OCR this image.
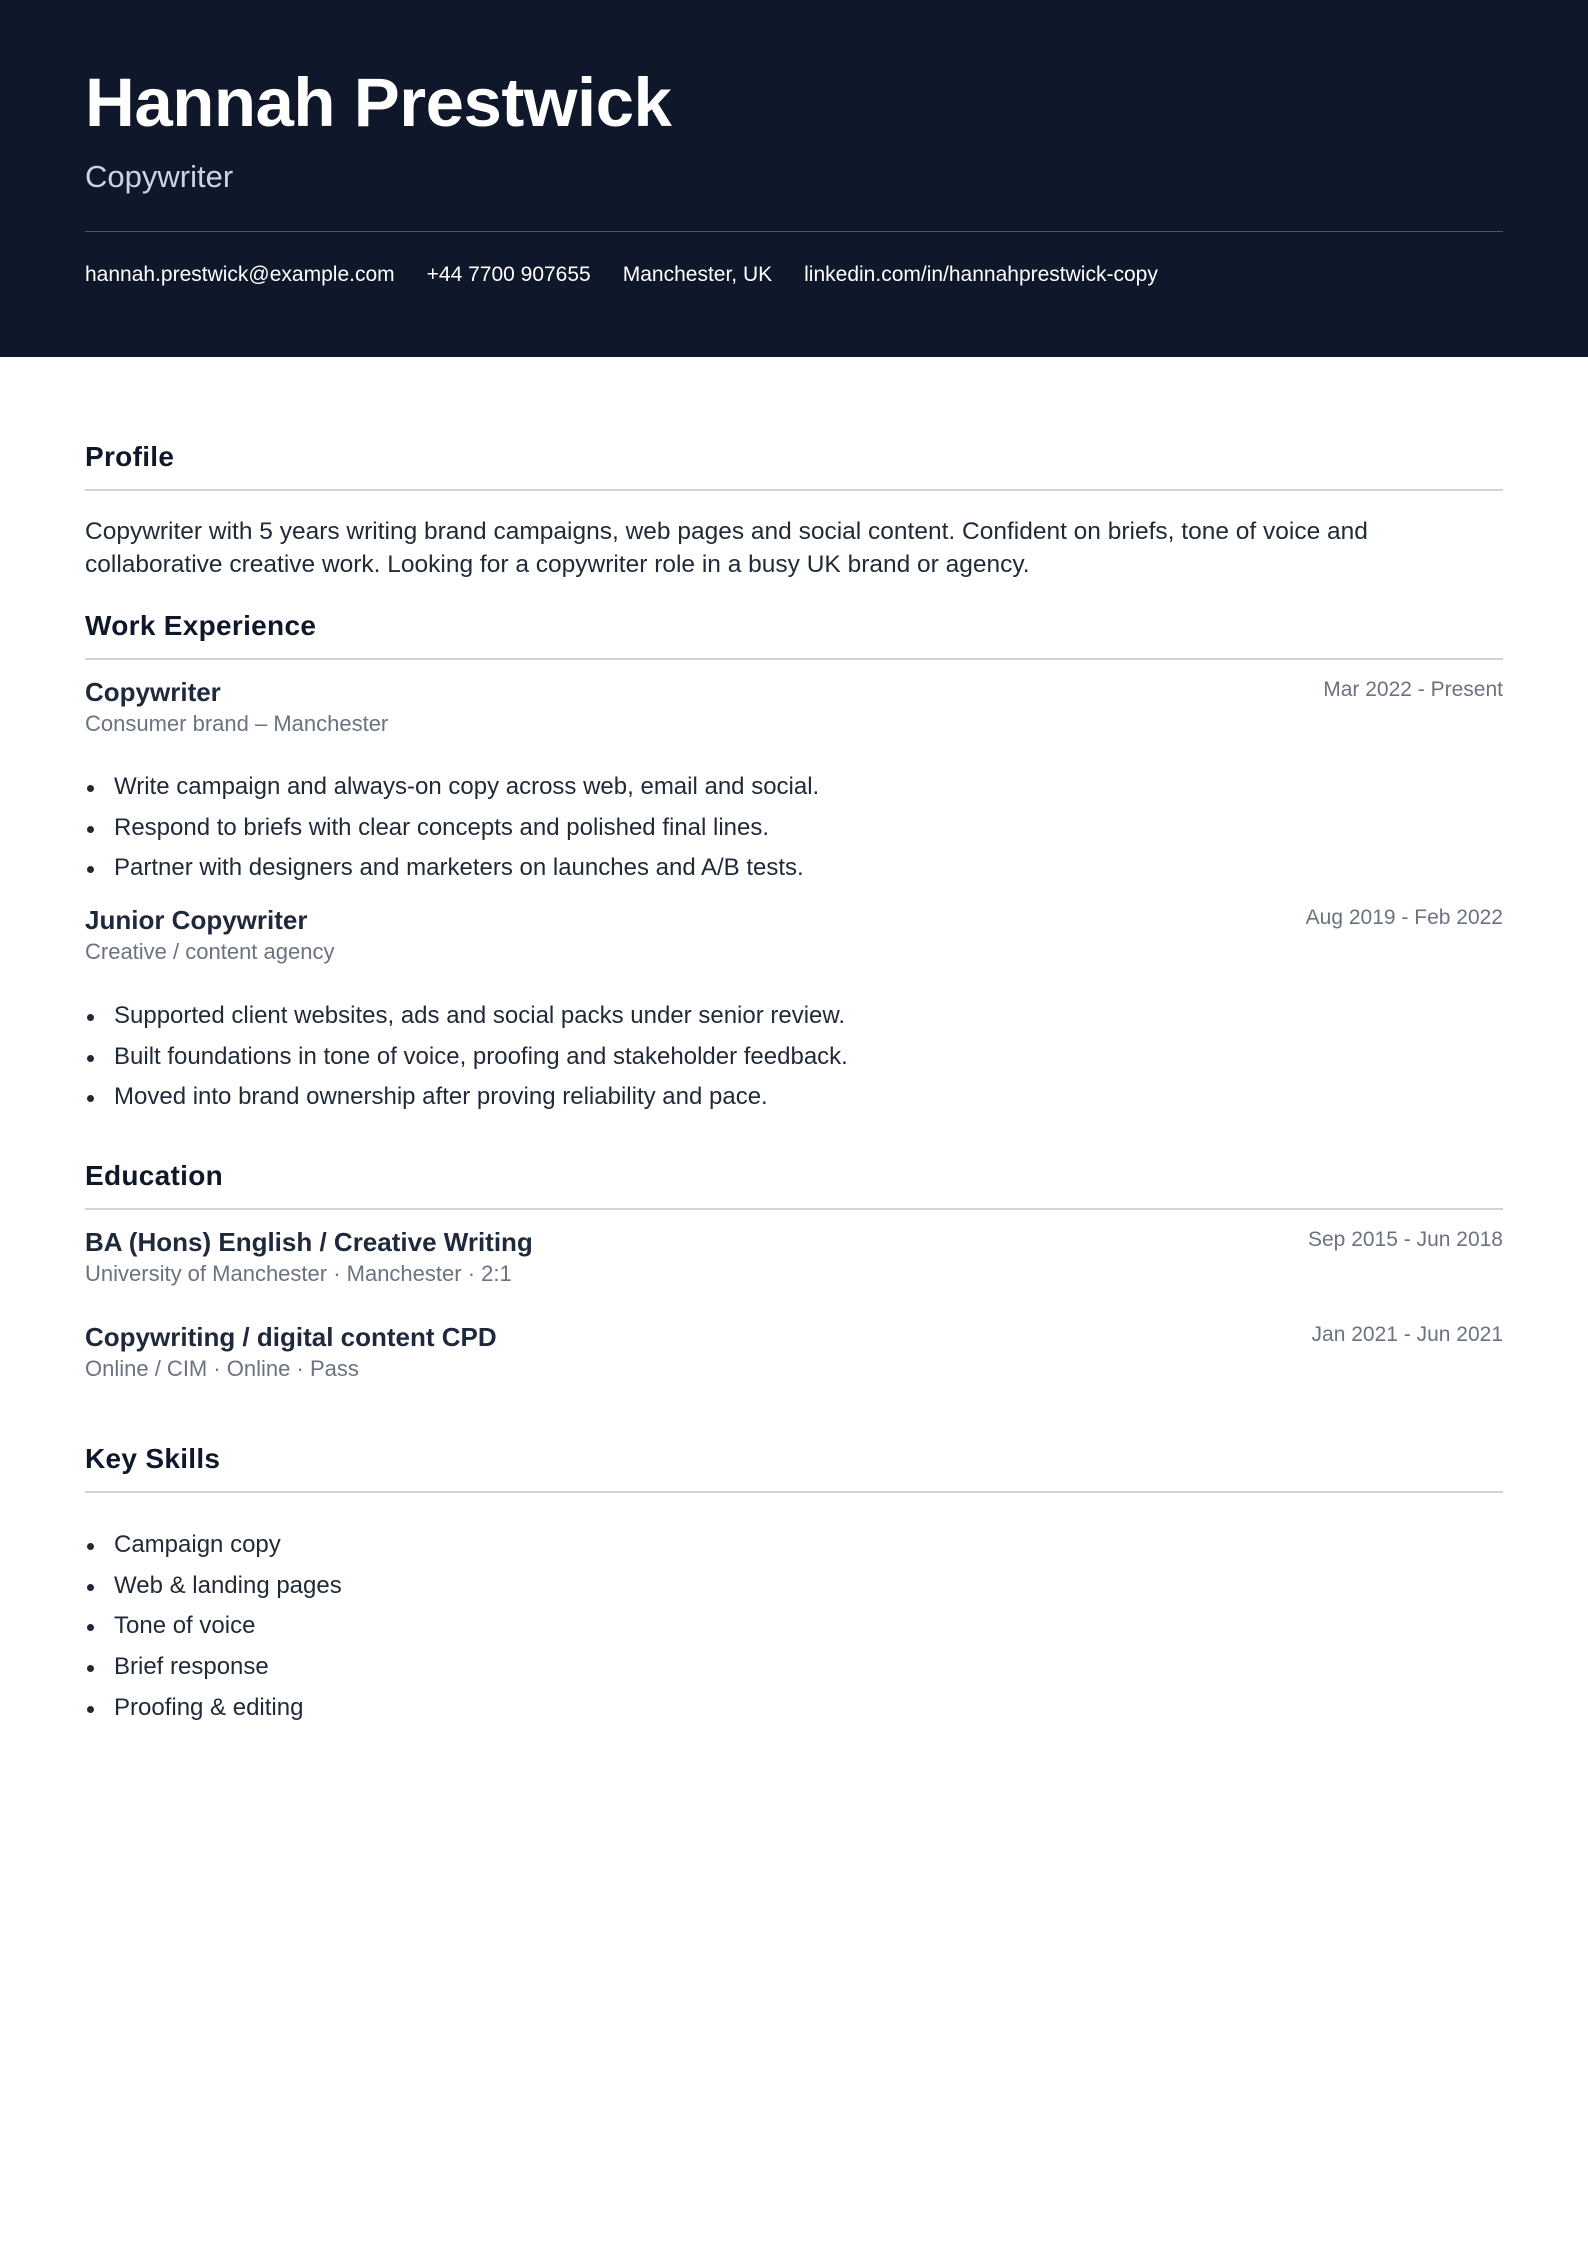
Hannah Prestwick
Copywriter
hannah.prestwick@example.com +44 7700 907655 Manchester, UK linkedin.com/in/hannahprestwick-copy
Profile
Copywriter with 5 years writing brand campaigns, web pages and social content. Confident on briefs, tone of voice and collaborative creative work. Looking for a copywriter role in a busy UK brand or agency.
Work Experience
Copywriter	Mar 2022 - Present
Consumer brand – Manchester
Write campaign and always-on copy across web, email and social.
Respond to briefs with clear concepts and polished final lines.
Partner with designers and marketers on launches and A/B tests.
Junior Copywriter	Aug 2019 - Feb 2022
Creative / content agency
Supported client websites, ads and social packs under senior review.
Built foundations in tone of voice, proofing and stakeholder feedback.
Moved into brand ownership after proving reliability and pace.
Education
BA (Hons) English / Creative Writing	Sep 2015 - Jun 2018
University of Manchester · Manchester · 2:1
Copywriting / digital content CPD	Jan 2021 - Jun 2021
Online / CIM · Online · Pass
Key Skills
Campaign copy
Web & landing pages
Tone of voice
Brief response
Proofing & editing
